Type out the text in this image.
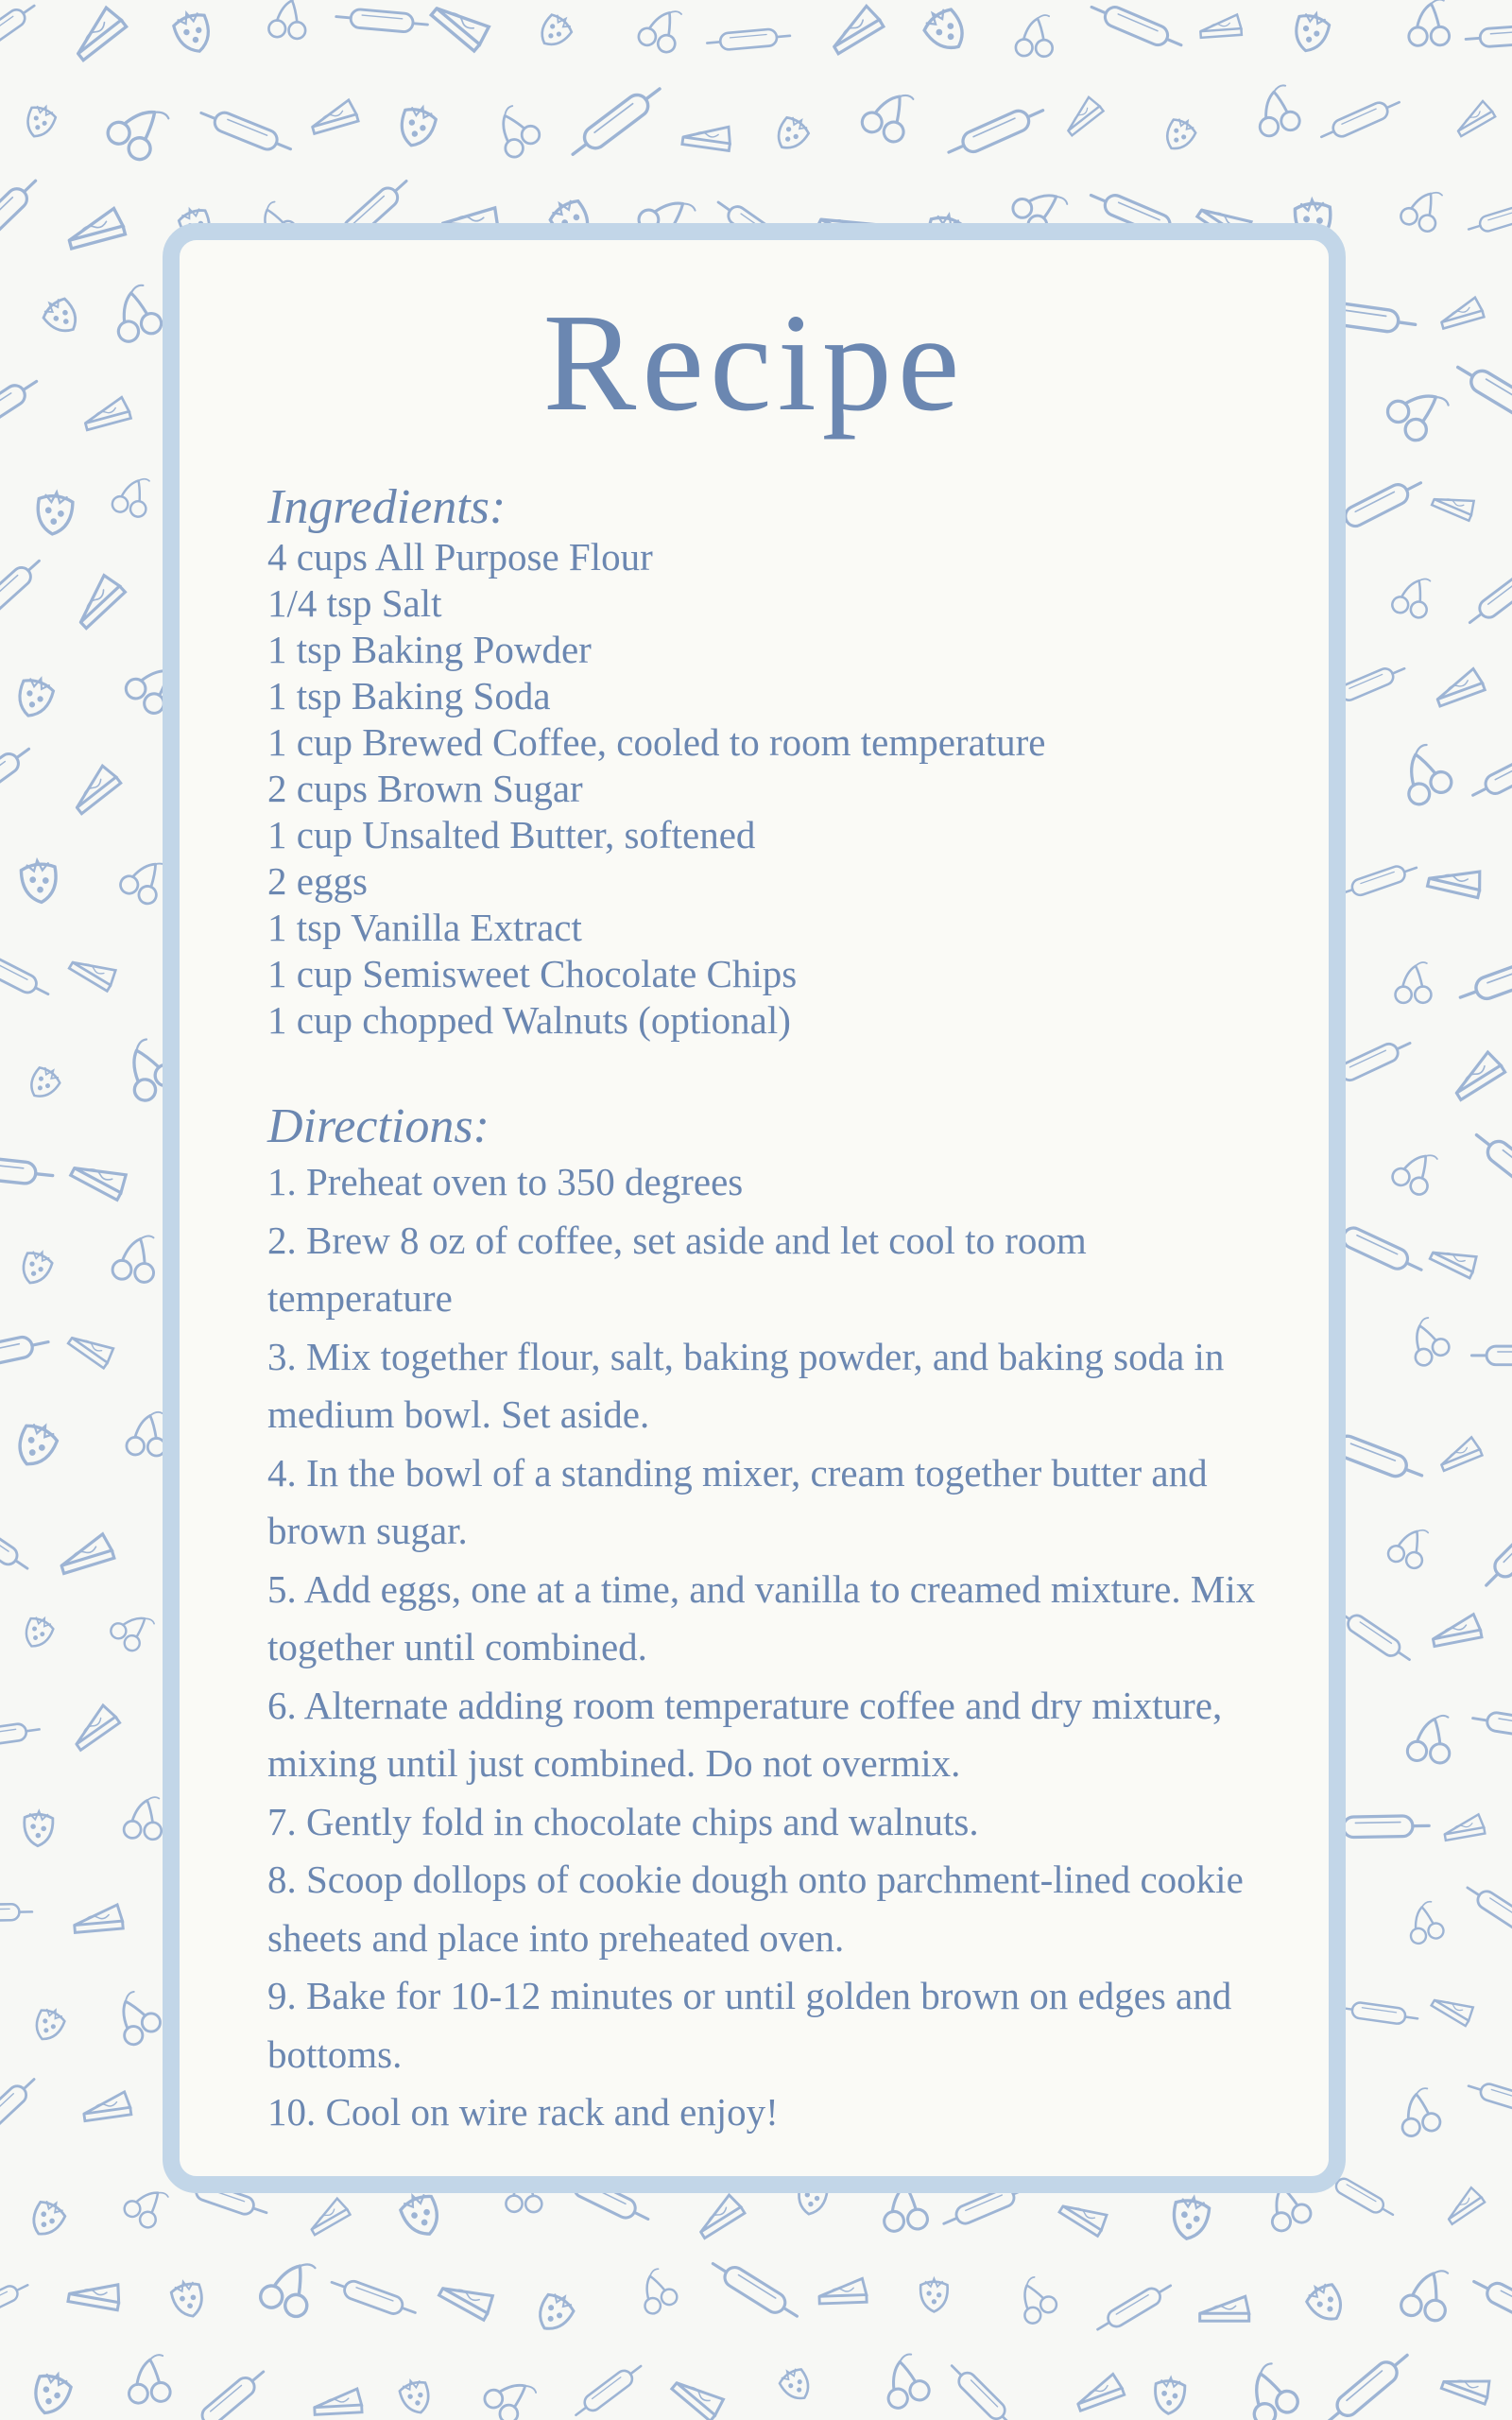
Recipe
Ingredients:
4 cups All Purpose Flour
1/4 tsp Salt
1 tsp Baking Powder
1 tsp Baking Soda
1 cup Brewed Coffee, cooled to room temperature
2 cups Brown Sugar
1 cup Unsalted Butter, softened
2 eggs
1 tsp Vanilla Extract
1 cup Semisweet Chocolate Chips
1 cup chopped Walnuts (optional)
Directions:
1. Preheat oven to 350 degrees
2. Brew 8 oz of coffee, set aside and let cool to room temperature
3. Mix together flour, salt, baking powder, and baking soda in medium bowl. Set aside.
4. In the bowl of a standing mixer, cream together butter and brown sugar.
5. Add eggs, one at a time, and vanilla to creamed mixture. Mix together until combined.
6. Alternate adding room temperature coffee and dry mixture, mixing until just combined. Do not overmix.
7. Gently fold in chocolate chips and walnuts.
8. Scoop dollops of cookie dough onto parchment-lined cookie sheets and place into preheated oven.
9. Bake for 10-12 minutes or until golden brown on edges and bottoms.
10. Cool on wire rack and enjoy!
